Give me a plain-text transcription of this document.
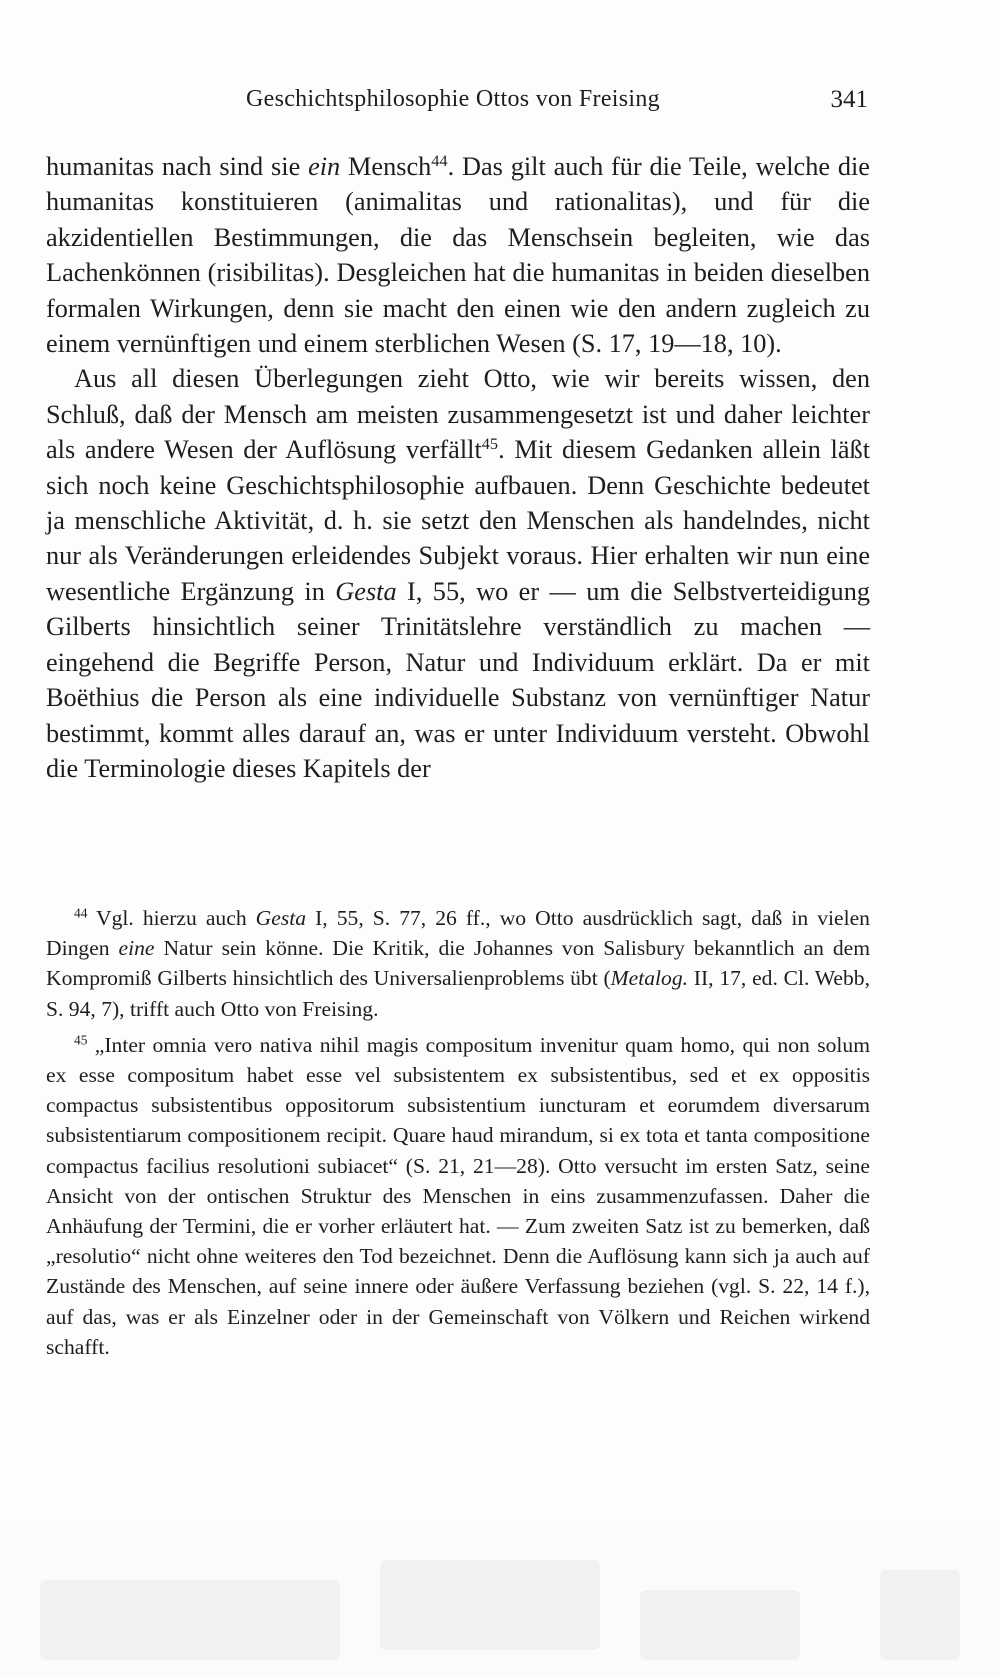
Geschichtsphilosophie Ottos von Freising	341

humanitas nach sind sie ein Mensch$^{44}$. Das gilt auch für die Teile, welche die humanitas konstituieren (animalitas und rationalitas), und für die akzidentiellen Bestimmungen, die das Menschsein begleiten, wie das Lachenkönnen (risibilitas). Desgleichen hat die humanitas in beiden dieselben formalen Wirkungen, denn sie macht den einen wie den andern zugleich zu einem vernünftigen und einem sterblichen Wesen (S. 17, 19—18, 10).

Aus all diesen Überlegungen zieht Otto, wie wir bereits wissen, den Schluß, daß der Mensch am meisten zusammengesetzt ist und daher leichter als andere Wesen der Auflösung verfällt$^{45}$. Mit diesem Gedanken allein läßt sich noch keine Geschichtsphilosophie aufbauen. Denn Geschichte bedeutet ja menschliche Aktivität, d. h. sie setzt den Menschen als handelndes, nicht nur als Veränderungen erleidendes Subjekt voraus. Hier erhalten wir nun eine wesentliche Ergänzung in Gesta I, 55, wo er — um die Selbstverteidigung Gilberts hinsichtlich seiner Trinitätslehre verständlich zu machen — eingehend die Begriffe Person, Natur und Individuum erklärt. Da er mit Boëthius die Person als eine individuelle Substanz von vernünftiger Natur bestimmt, kommt alles darauf an, was er unter Individuum versteht. Obwohl die Terminologie dieses Kapitels der

$^{44}$ Vgl. hierzu auch Gesta I, 55, S. 77, 26 ff., wo Otto ausdrücklich sagt, daß in vielen Dingen eine Natur sein könne. Die Kritik, die Johannes von Salisbury bekanntlich an dem Kompromiß Gilberts hinsichtlich des Universalienproblems übt (Metalog. II, 17, ed. Cl. Webb, S. 94, 7), trifft auch Otto von Freising.

$^{45}$ „Inter omnia vero nativa nihil magis compositum invenitur quam homo, qui non solum ex esse compositum habet esse vel subsistentem ex subsistentibus, sed et ex oppositis compactus subsistentibus oppositorum subsistentium iuncturam et eorumdem diversarum subsistentiarum compositionem recipit. Quare haud mirandum, si ex tota et tanta compositione compactus facilius resolutioni subiacet“ (S. 21, 21—28). Otto versucht im ersten Satz, seine Ansicht von der ontischen Struktur des Menschen in eins zusammenzufassen. Daher die Anhäufung der Termini, die er vorher erläutert hat. — Zum zweiten Satz ist zu bemerken, daß „resolutio“ nicht ohne weiteres den Tod bezeichnet. Denn die Auflösung kann sich ja auch auf Zustände des Menschen, auf seine innere oder äußere Verfassung beziehen (vgl. S. 22, 14 f.), auf das, was er als Einzelner oder in der Gemeinschaft von Völkern und Reichen wirkend schafft.
